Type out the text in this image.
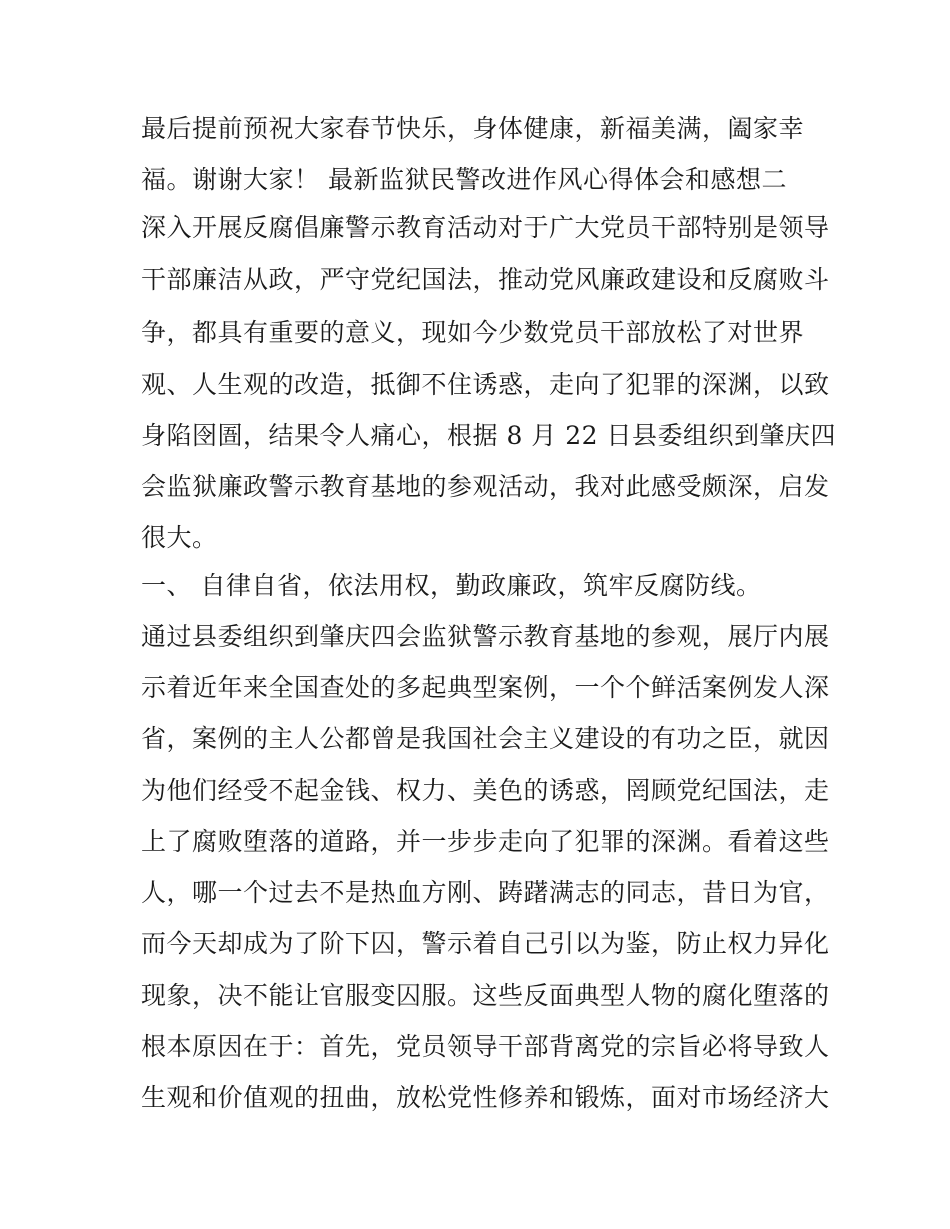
最后提前预祝大家春节快乐，身体健康，新福美满，阖家幸
福。谢谢大家！ 最新监狱民警改进作风心得体会和感想二
深入开展反腐倡廉警示教育活动对于广大党员干部特别是领导
干部廉洁从政，严守党纪国法，推动党风廉政建设和反腐败斗
争，都具有重要的意义，现如今少数党员干部放松了对世界
观、人生观的改造，抵御不住诱惑，走向了犯罪的深渊，以致
身陷囹圄，结果令人痛心，根据 8 月 22 日县委组织到肇庆四
会监狱廉政警示教育基地的参观活动，我对此感受颇深，启发
很大。
一、 自律自省，依法用权，勤政廉政，筑牢反腐防线。
通过县委组织到肇庆四会监狱警示教育基地的参观，展厅内展
示着近年来全国查处的多起典型案例，一个个鲜活案例发人深
省，案例的主人公都曾是我国社会主义建设的有功之臣，就因
为他们经受不起金钱、权力、美色的诱惑，罔顾党纪国法，走
上了腐败堕落的道路，并一步步走向了犯罪的深渊。看着这些
人，哪一个过去不是热血方刚、踌躇满志的同志，昔日为官，
而今天却成为了阶下囚，警示着自己引以为鉴，防止权力异化
现象，决不能让官服变囚服。这些反面典型人物的腐化堕落的
根本原因在于：首先，党员领导干部背离党的宗旨必将导致人
生观和价值观的扭曲，放松党性修养和锻炼，面对市场经济大
